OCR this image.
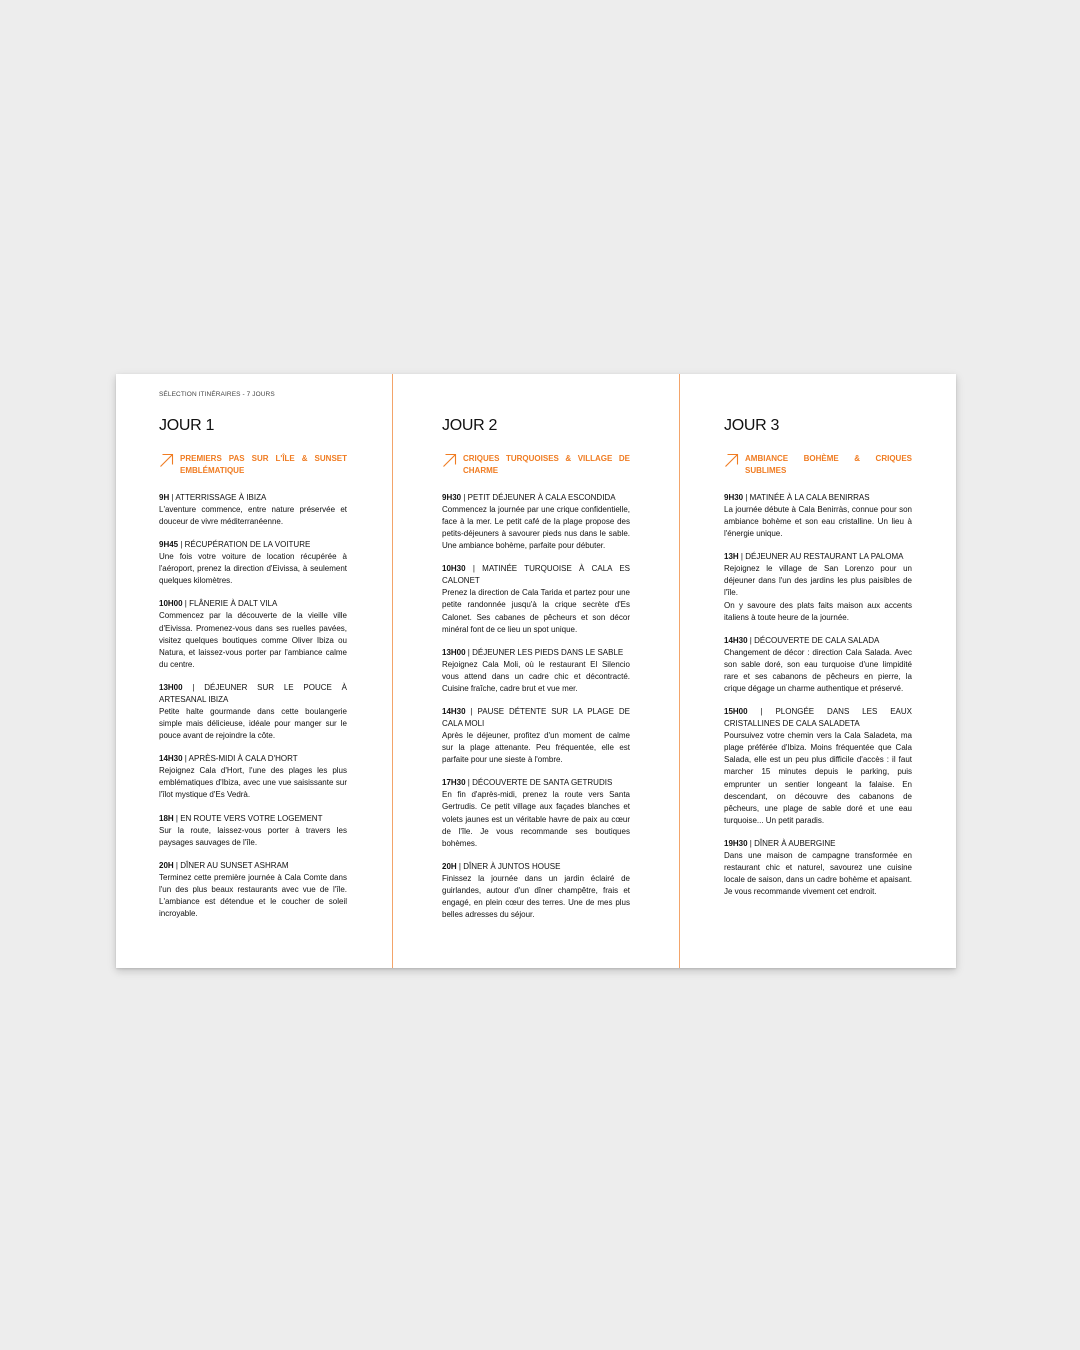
SÉLECTION ITINÉRAIRES - 7 JOURS
JOUR 1

PREMIERS PAS SUR L'ÎLE & SUNSET EMBLÉMATIQUE

9H | ATTERRISSAGE À IBIZA

L'aventure commence, entre nature préservée et douceur de vivre méditerranéenne.

9H45 | RÉCUPÉRATION DE LA VOITURE

Une fois votre voiture de location récupérée à l'aéroport, prenez la direction d'Eivissa, à seulement quelques kilomètres.

10H00 | FLÂNERIE À DALT VILA

Commencez par la découverte de la vieille ville d'Eivissa. Promenez-vous dans ses ruelles pavées, visitez quelques boutiques comme Oliver Ibiza ou Natura, et laissez-vous porter par l'ambiance calme du centre.

13H00 | DÉJEUNER SUR LE POUCE À ARTESANAL IBIZA

Petite halte gourmande dans cette boulangerie simple mais délicieuse, idéale pour manger sur le pouce avant de rejoindre la côte.

14H30 | APRÈS-MIDI À CALA D'HORT

Rejoignez Cala d'Hort, l'une des plages les plus emblématiques d'Ibiza, avec une vue saisissante sur l'îlot mystique d'Es Vedrà.

18H | EN ROUTE VERS VOTRE LOGEMENT

Sur la route, laissez-vous porter à travers les paysages sauvages de l'île.

20H | DÎNER AU SUNSET ASHRAM

Terminez cette première journée à Cala Comte dans l'un des plus beaux restaurants avec vue de l'île. L'ambiance est détendue et le coucher de soleil incroyable.

JOUR 2

CRIQUES TURQUOISES & VILLAGE DE CHARME

9H30 | PETIT DÉJEUNER À CALA ESCONDIDA

Commencez la journée par une crique confidentielle, face à la mer. Le petit café de la plage propose des petits-déjeuners à savourer pieds nus dans le sable. Une ambiance bohème, parfaite pour débuter.

10H30 | MATINÉE TURQUOISE À CALA ES CALONET

Prenez la direction de Cala Tarida et partez pour une petite randonnée jusqu'à la crique secrète d'Es Calonet. Ses cabanes de pêcheurs et son décor minéral font de ce lieu un spot unique.

13H00 | DÉJEUNER LES PIEDS DANS LE SABLE

Rejoignez Cala Moli, où le restaurant El Silencio vous attend dans un cadre chic et décontracté. Cuisine fraîche, cadre brut et vue mer.

14H30 | PAUSE DÉTENTE SUR LA PLAGE DE CALA MOLI

Après le déjeuner, profitez d'un moment de calme sur la plage attenante. Peu fréquentée, elle est parfaite pour une sieste à l'ombre.

17H30 | DÉCOUVERTE DE SANTA GETRUDIS

En fin d'après-midi, prenez la route vers Santa Gertrudis. Ce petit village aux façades blanches et volets jaunes est un véritable havre de paix au cœur de l'île. Je vous recommande ses boutiques bohèmes.

20H | DÎNER À JUNTOS HOUSE

Finissez la journée dans un jardin éclairé de guirlandes, autour d'un dîner champêtre, frais et engagé, en plein cœur des terres. Une de mes plus belles adresses du séjour.

JOUR 3

AMBIANCE BOHÈME & CRIQUES SUBLIMES

9H30 | MATINÉE À LA CALA BENIRRAS

La journée débute à Cala Benirràs, connue pour son ambiance bohème et son eau cristalline. Un lieu à l'énergie unique.

13H | DÉJEUNER AU RESTAURANT LA PALOMA

Rejoignez le village de San Lorenzo pour un déjeuner dans l'un des jardins les plus paisibles de l'île.
On y savoure des plats faits maison aux accents italiens à toute heure de la journée.

14H30 | DÉCOUVERTE DE CALA SALADA

Changement de décor : direction Cala Salada. Avec son sable doré, son eau turquoise d'une limpidité rare et ses cabanons de pêcheurs en pierre, la crique dégage un charme authentique et préservé.

15H00 | PLONGÉE DANS LES EAUX CRISTALLINES DE CALA SALADETA

Poursuivez votre chemin vers la Cala Saladeta, ma plage préférée d'Ibiza. Moins fréquentée que Cala Salada, elle est un peu plus difficile d'accès : il faut marcher 15 minutes depuis le parking, puis emprunter un sentier longeant la falaise. En descendant, on découvre des cabanons de pêcheurs, une plage de sable doré et une eau turquoise... Un petit paradis.

19H30 | DÎNER À AUBERGINE

Dans une maison de campagne transformée en restaurant chic et naturel, savourez une cuisine locale de saison, dans un cadre bohème et apaisant. Je vous recommande vivement cet endroit.
